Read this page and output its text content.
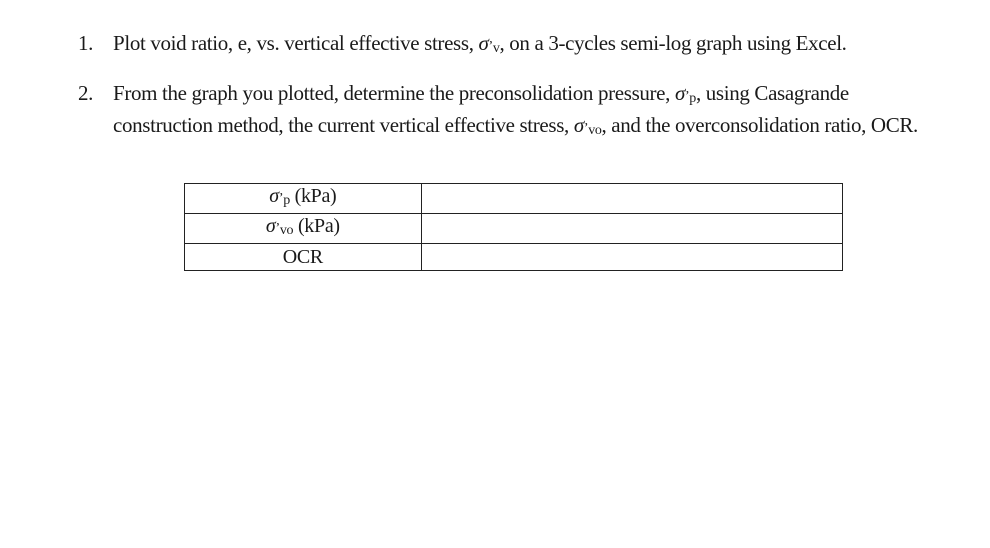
1. Plot void ratio, e, vs. vertical effective stress, σ’v, on a 3-cycles semi-log graph using Excel.
2. From the graph you plotted, determine the preconsolidation pressure, σ’p, using Casagrande construction method, the current vertical effective stress, σ’vo, and the overconsolidation ratio, OCR.
σ’p (kPa)	
σ’vo (kPa)	
OCR	
